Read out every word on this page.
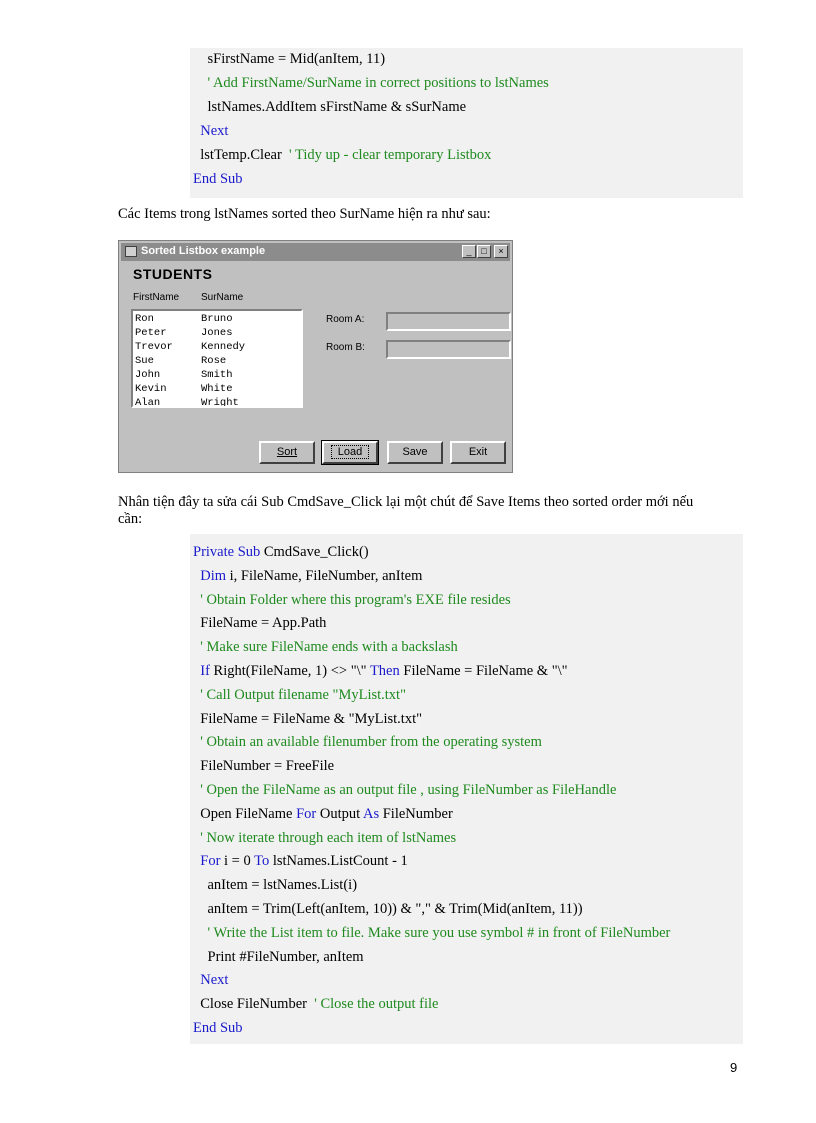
sFirstName = Mid(anItem, 11)
' Add FirstName/SurName in correct positions to lstNames
lstNames.AddItem sFirstName & sSurName
Next
lstTemp.Clear  ' Tidy up - clear temporary Listbox
End Sub
Các Items trong lstNames sorted theo SurName hiện ra như sau:
Sorted Listbox example	_	□	×
STUDENTS
FirstName SurName
Ron	Bruno
Peter	Jones
Trevor	Kennedy
Sue	Rose
John	Smith
Kevin	White
Alan	Wright
Room A:
Room B:
Sort	Load	Save	Exit
Nhân tiện đây ta sửa cái Sub CmdSave_Click lại một chút để Save Items theo sorted order mới nếu
cần:
Private Sub CmdSave_Click()
Dim i, FileName, FileNumber, anItem
' Obtain Folder where this program's EXE file resides
FileName = App.Path
' Make sure FileName ends with a backslash
If Right(FileName, 1) <> "\" Then FileName = FileName & "\"
' Call Output filename "MyList.txt"
FileName = FileName & "MyList.txt"
' Obtain an available filenumber from the operating system
FileNumber = FreeFile
' Open the FileName as an output file , using FileNumber as FileHandle
Open FileName For Output As FileNumber
' Now iterate through each item of lstNames
For i = 0 To lstNames.ListCount - 1
anItem = lstNames.List(i)
anItem = Trim(Left(anItem, 10)) & "," & Trim(Mid(anItem, 11))
' Write the List item to file. Make sure you use symbol # in front of FileNumber
Print #FileNumber, anItem
Next
Close FileNumber  ' Close the output file
End Sub
9
